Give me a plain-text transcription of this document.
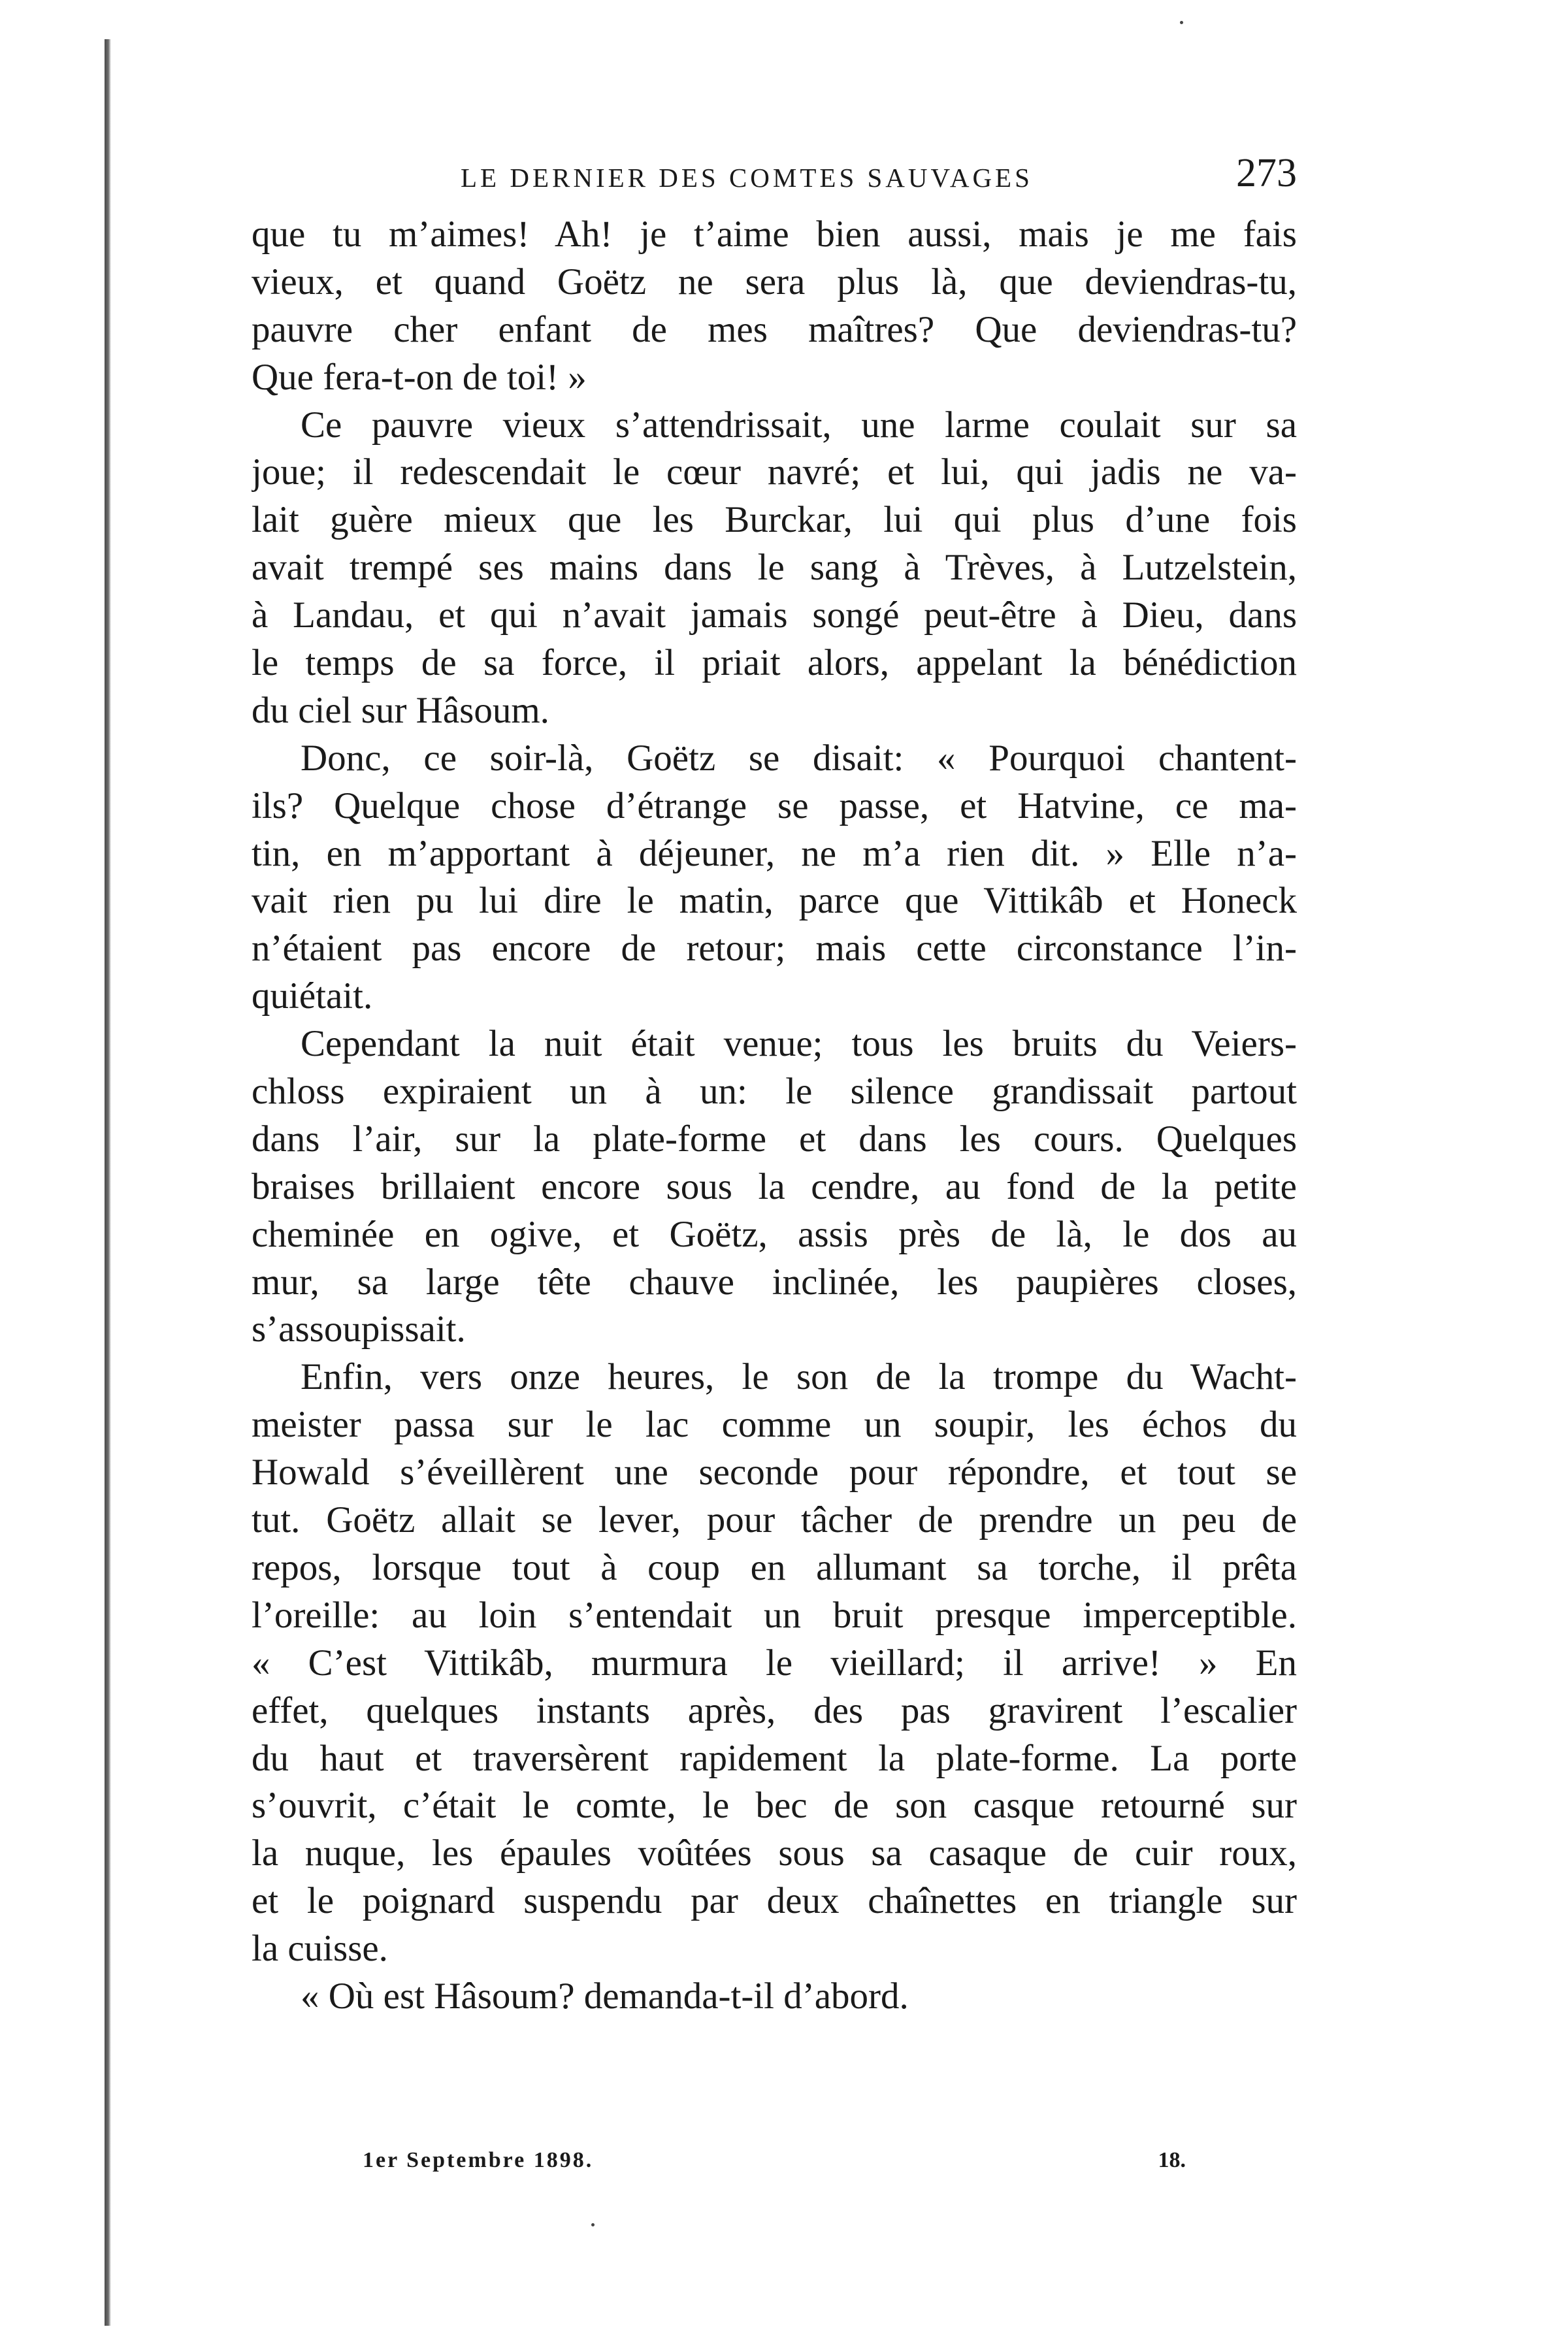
LE DERNIER DES COMTES SAUVAGES	273
que tu m’aimes! Ah! je t’aime bien aussi, mais je me fais
vieux, et quand Goëtz ne sera plus là, que deviendras-tu,
pauvre cher enfant de mes maîtres? Que deviendras-tu?
Que fera-t-on de toi! »
Ce pauvre vieux s’attendrissait, une larme coulait sur sa
joue; il redescendait le cœur navré; et lui, qui jadis ne va-
lait guère mieux que les Burckar, lui qui plus d’une fois
avait trempé ses mains dans le sang à Trèves, à Lutzelstein,
à Landau, et qui n’avait jamais songé peut-être à Dieu, dans
le temps de sa force, il priait alors, appelant la bénédiction
du ciel sur Hâsoum.
Donc, ce soir-là, Goëtz se disait: « Pourquoi chantent-
ils? Quelque chose d’étrange se passe, et Hatvine, ce ma-
tin, en m’apportant à déjeuner, ne m’a rien dit. » Elle n’a-
vait rien pu lui dire le matin, parce que Vittikâb et Honeck
n’étaient pas encore de retour; mais cette circonstance l’in-
quiétait.
Cependant la nuit était venue; tous les bruits du Veiers-
chloss expiraient un à un: le silence grandissait partout
dans l’air, sur la plate-forme et dans les cours. Quelques
braises brillaient encore sous la cendre, au fond de la petite
cheminée en ogive, et Goëtz, assis près de là, le dos au
mur, sa large tête chauve inclinée, les paupières closes,
s’assoupissait.
Enfin, vers onze heures, le son de la trompe du Wacht-
meister passa sur le lac comme un soupir, les échos du
Howald s’éveillèrent une seconde pour répondre, et tout se
tut. Goëtz allait se lever, pour tâcher de prendre un peu de
repos, lorsque tout à coup en allumant sa torche, il prêta
l’oreille: au loin s’entendait un bruit presque imperceptible.
« C’est Vittikâb, murmura le vieillard; il arrive! » En
effet, quelques instants après, des pas gravirent l’escalier
du haut et traversèrent rapidement la plate-forme. La porte
s’ouvrit, c’était le comte, le bec de son casque retourné sur
la nuque, les épaules voûtées sous sa casaque de cuir roux,
et le poignard suspendu par deux chaînettes en triangle sur
la cuisse.
« Où est Hâsoum? demanda-t-il d’abord.
1er Septembre 1898.	18.
